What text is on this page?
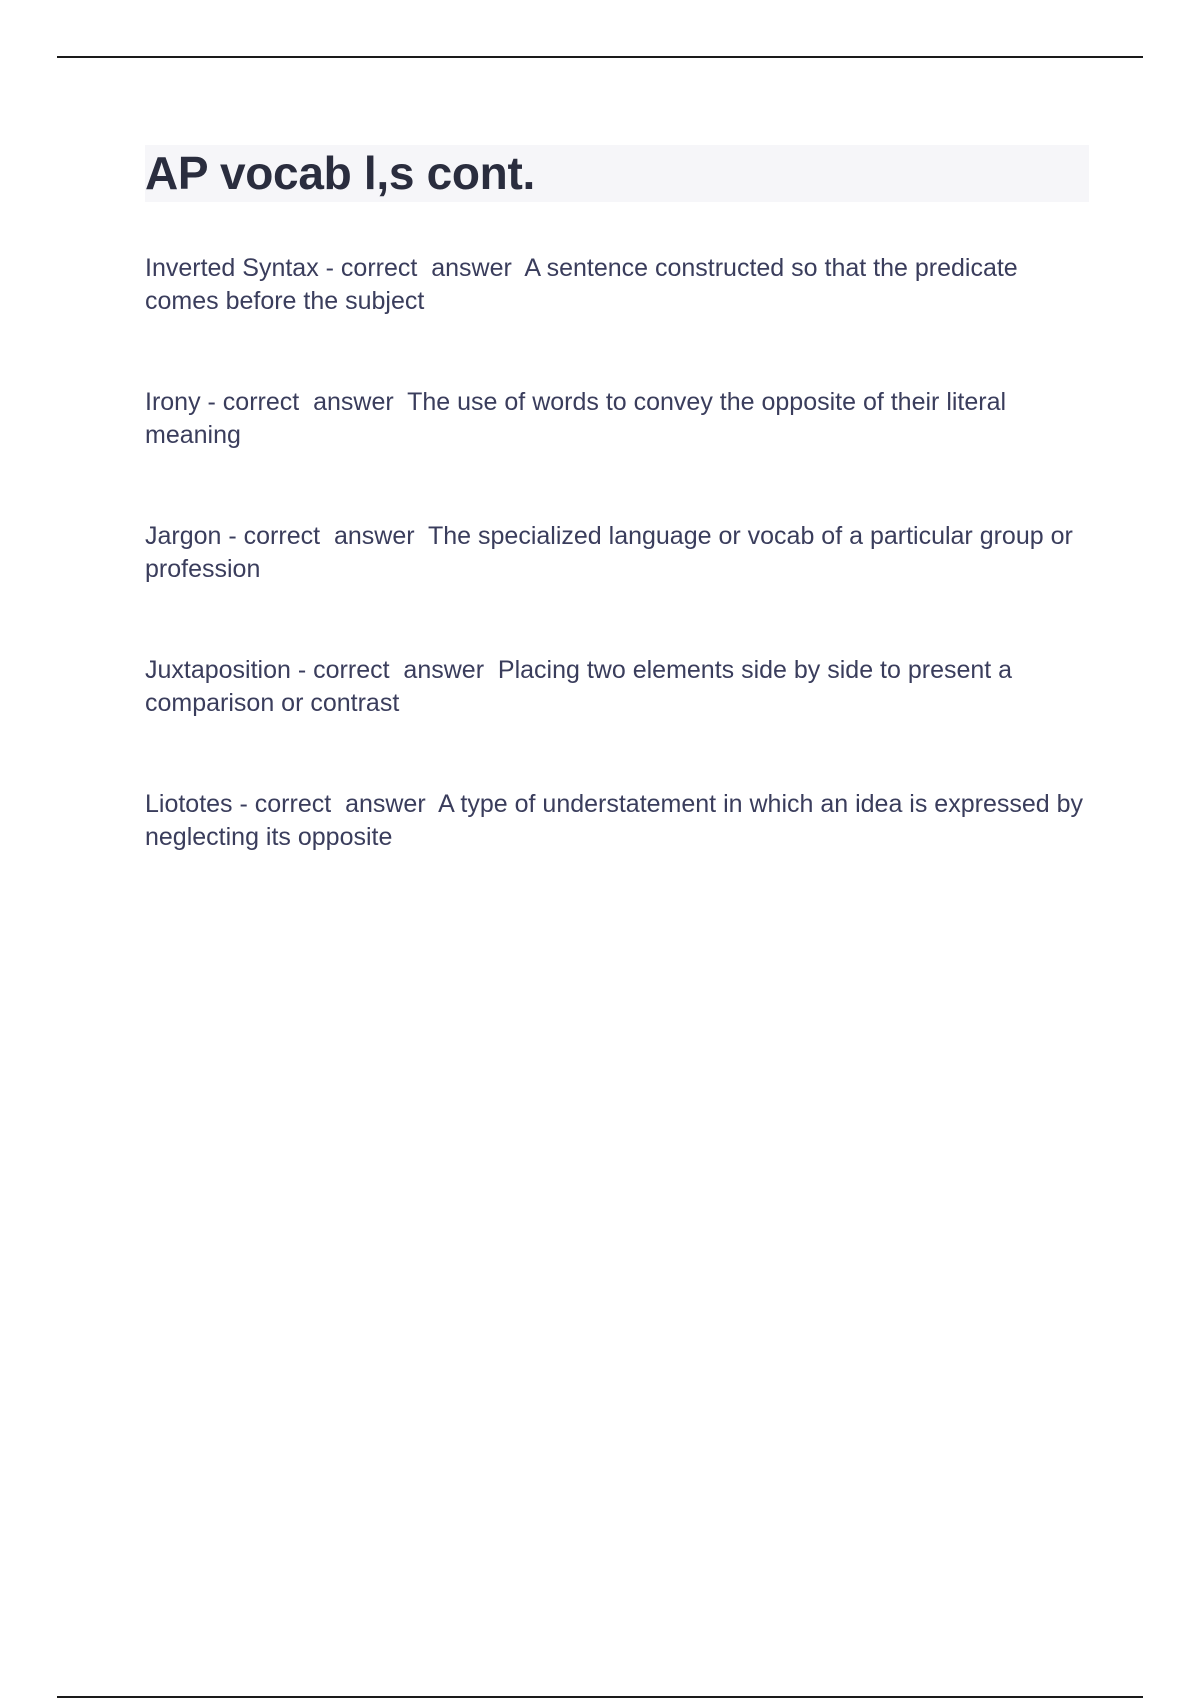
AP vocab l,s cont.

Inverted Syntax - correct  answer  A sentence constructed so that the predicate comes before the subject

Irony - correct  answer  The use of words to convey the opposite of their literal meaning

Jargon - correct  answer  The specialized language or vocab of a particular group or profession

Juxtaposition - correct  answer  Placing two elements side by side to present a comparison or contrast

Liototes - correct  answer  A type of understatement in which an idea is expressed by neglecting its opposite
